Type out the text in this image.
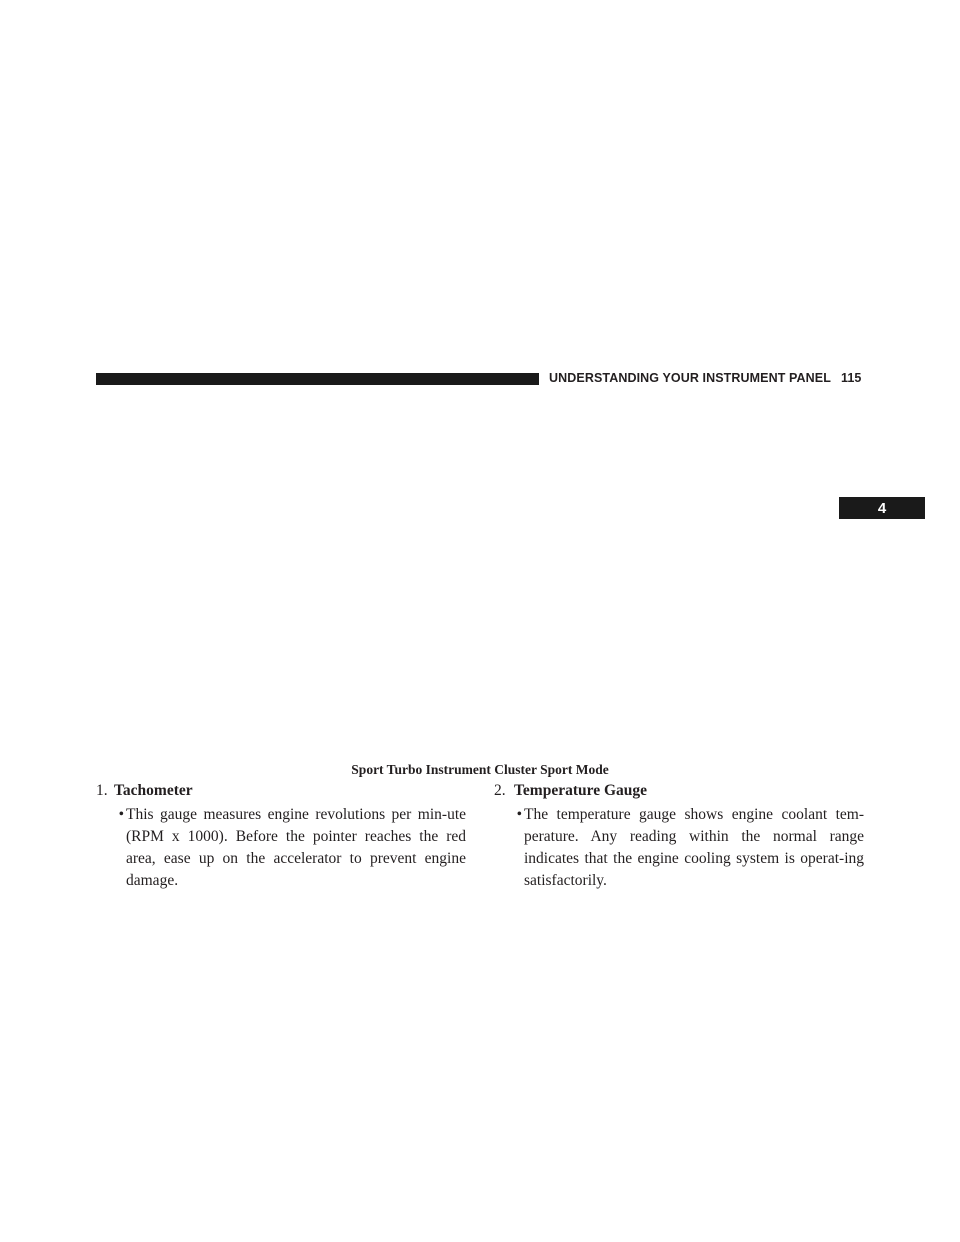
UNDERSTANDING YOUR INSTRUMENT PANEL 115
4
Sport Turbo Instrument Cluster Sport Mode
1. Tachometer
• This gauge measures engine revolutions per min-ute (RPM x 1000). Before the pointer reaches the red area, ease up on the accelerator to prevent engine damage.
2. Temperature Gauge
• The temperature gauge shows engine coolant tem-perature. Any reading within the normal range indicates that the engine cooling system is operat-ing satisfactorily.
